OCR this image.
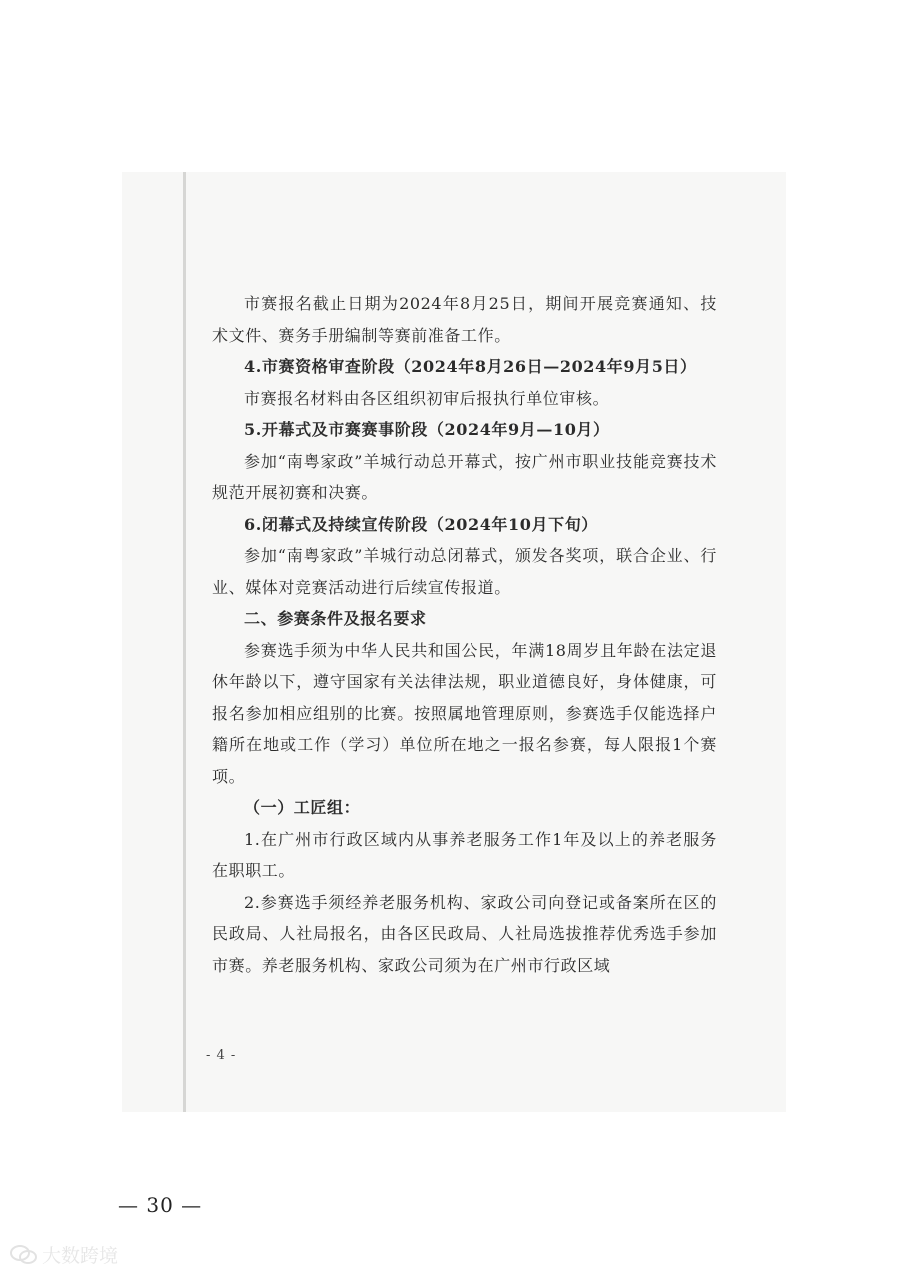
市赛报名截止日期为2024年8月25日，期间开展竞赛通知、技术文件、赛务手册编制等赛前准备工作。

4.市赛资格审查阶段（2024年8月26日—2024年9月5日）

市赛报名材料由各区组织初审后报执行单位审核。

5.开幕式及市赛赛事阶段（2024年9月—10月）

参加“南粤家政”羊城行动总开幕式，按广州市职业技能竞赛技术规范开展初赛和决赛。

6.闭幕式及持续宣传阶段（2024年10月下旬）

参加“南粤家政”羊城行动总闭幕式，颁发各奖项，联合企业、行业、媒体对竞赛活动进行后续宣传报道。

二、参赛条件及报名要求

参赛选手须为中华人民共和国公民，年满18周岁且年龄在法定退休年龄以下，遵守国家有关法律法规，职业道德良好，身体健康，可报名参加相应组别的比赛。按照属地管理原则，参赛选手仅能选择户籍所在地或工作（学习）单位所在地之一报名参赛，每人限报1个赛项。

（一）工匠组：

1.在广州市行政区域内从事养老服务工作1年及以上的养老服务在职职工。

2.参赛选手须经养老服务机构、家政公司向登记或备案所在区的民政局、人社局报名，由各区民政局、人社局选拔推荐优秀选手参加市赛。养老服务机构、家政公司须为在广州市行政区域

- 4 -
— 30 —
大数跨境
